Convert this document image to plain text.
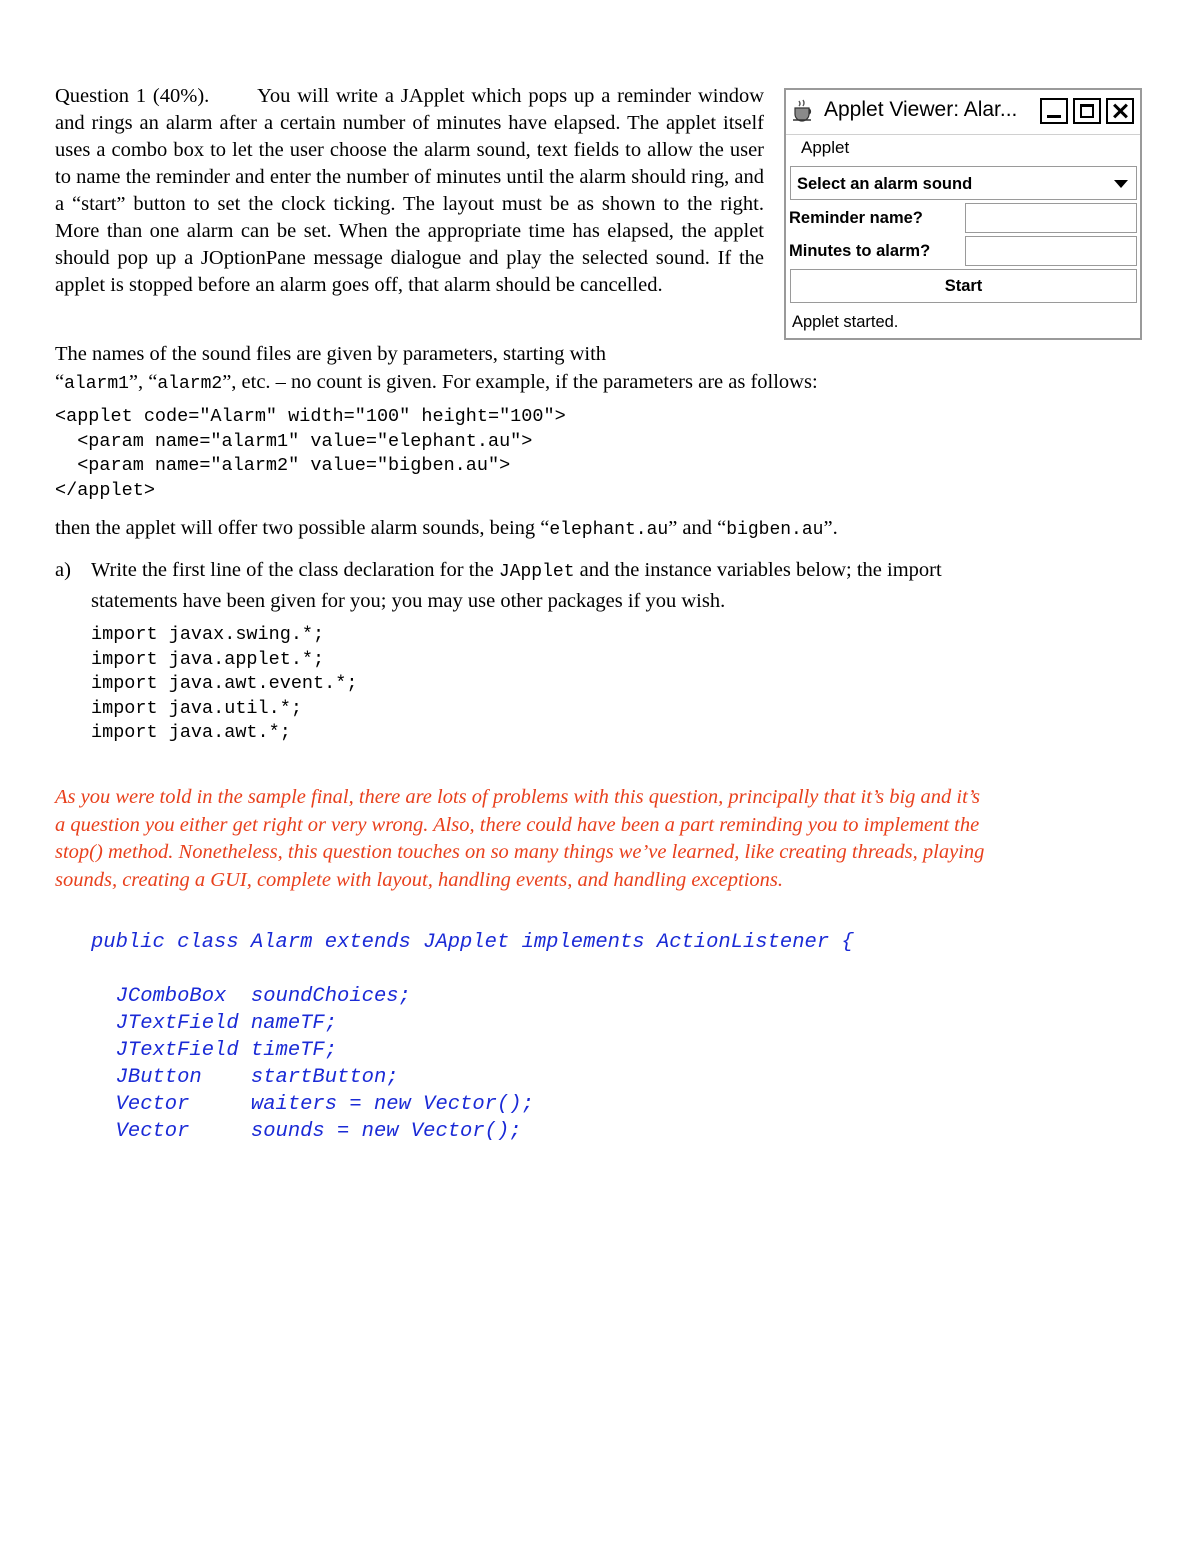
Question 1 (40%). You will write a JApplet which pops up a reminder window and rings an alarm after a certain number of minutes have elapsed. The applet itself uses a combo box to let the user choose the alarm sound, text fields to allow the user to name the reminder and enter the number of minutes until the alarm should ring, and a “start” button to set the clock ticking. The layout must be as shown to the right. More than one alarm can be set. When the appropriate time has elapsed, the applet should pop up a JOptionPane message dialogue and play the selected sound. If the applet is stopped before an alarm goes off, that alarm should be cancelled.

Applet Viewer: Alar...
Applet
Select an alarm sound
Reminder name?
Minutes to alarm?
Start
Applet started.

The names of the sound files are given by parameters, starting with
“alarm1”, “alarm2”, etc. – no count is given. For example, if the parameters are as follows:

<applet code="Alarm" width="100" height="100">
<param name="alarm1" value="elephant.au">
<param name="alarm2" value="bigben.au">
</applet>

then the applet will offer two possible alarm sounds, being “elephant.au” and “bigben.au”.

a) Write the first line of the class declaration for the JApplet and the instance variables below; the import
statements have been given for you; you may use other packages if you wish.
import javax.swing.*;
import java.applet.*;
import java.awt.event.*;
import java.util.*;
import java.awt.*;

As you were told in the sample final, there are lots of problems with this question, principally that it’s big and it’s
a question you either get right or very wrong. Also, there could have been a part reminding you to implement the
stop() method. Nonetheless, this question touches on so many things we’ve learned, like creating threads, playing
sounds, creating a GUI, complete with layout, handling events, and handling exceptions.

public class Alarm extends JApplet implements ActionListener {

JComboBox  soundChoices;
JTextField nameTF;
JTextField timeTF;
JButton    startButton;
Vector     waiters = new Vector();
Vector     sounds = new Vector();
